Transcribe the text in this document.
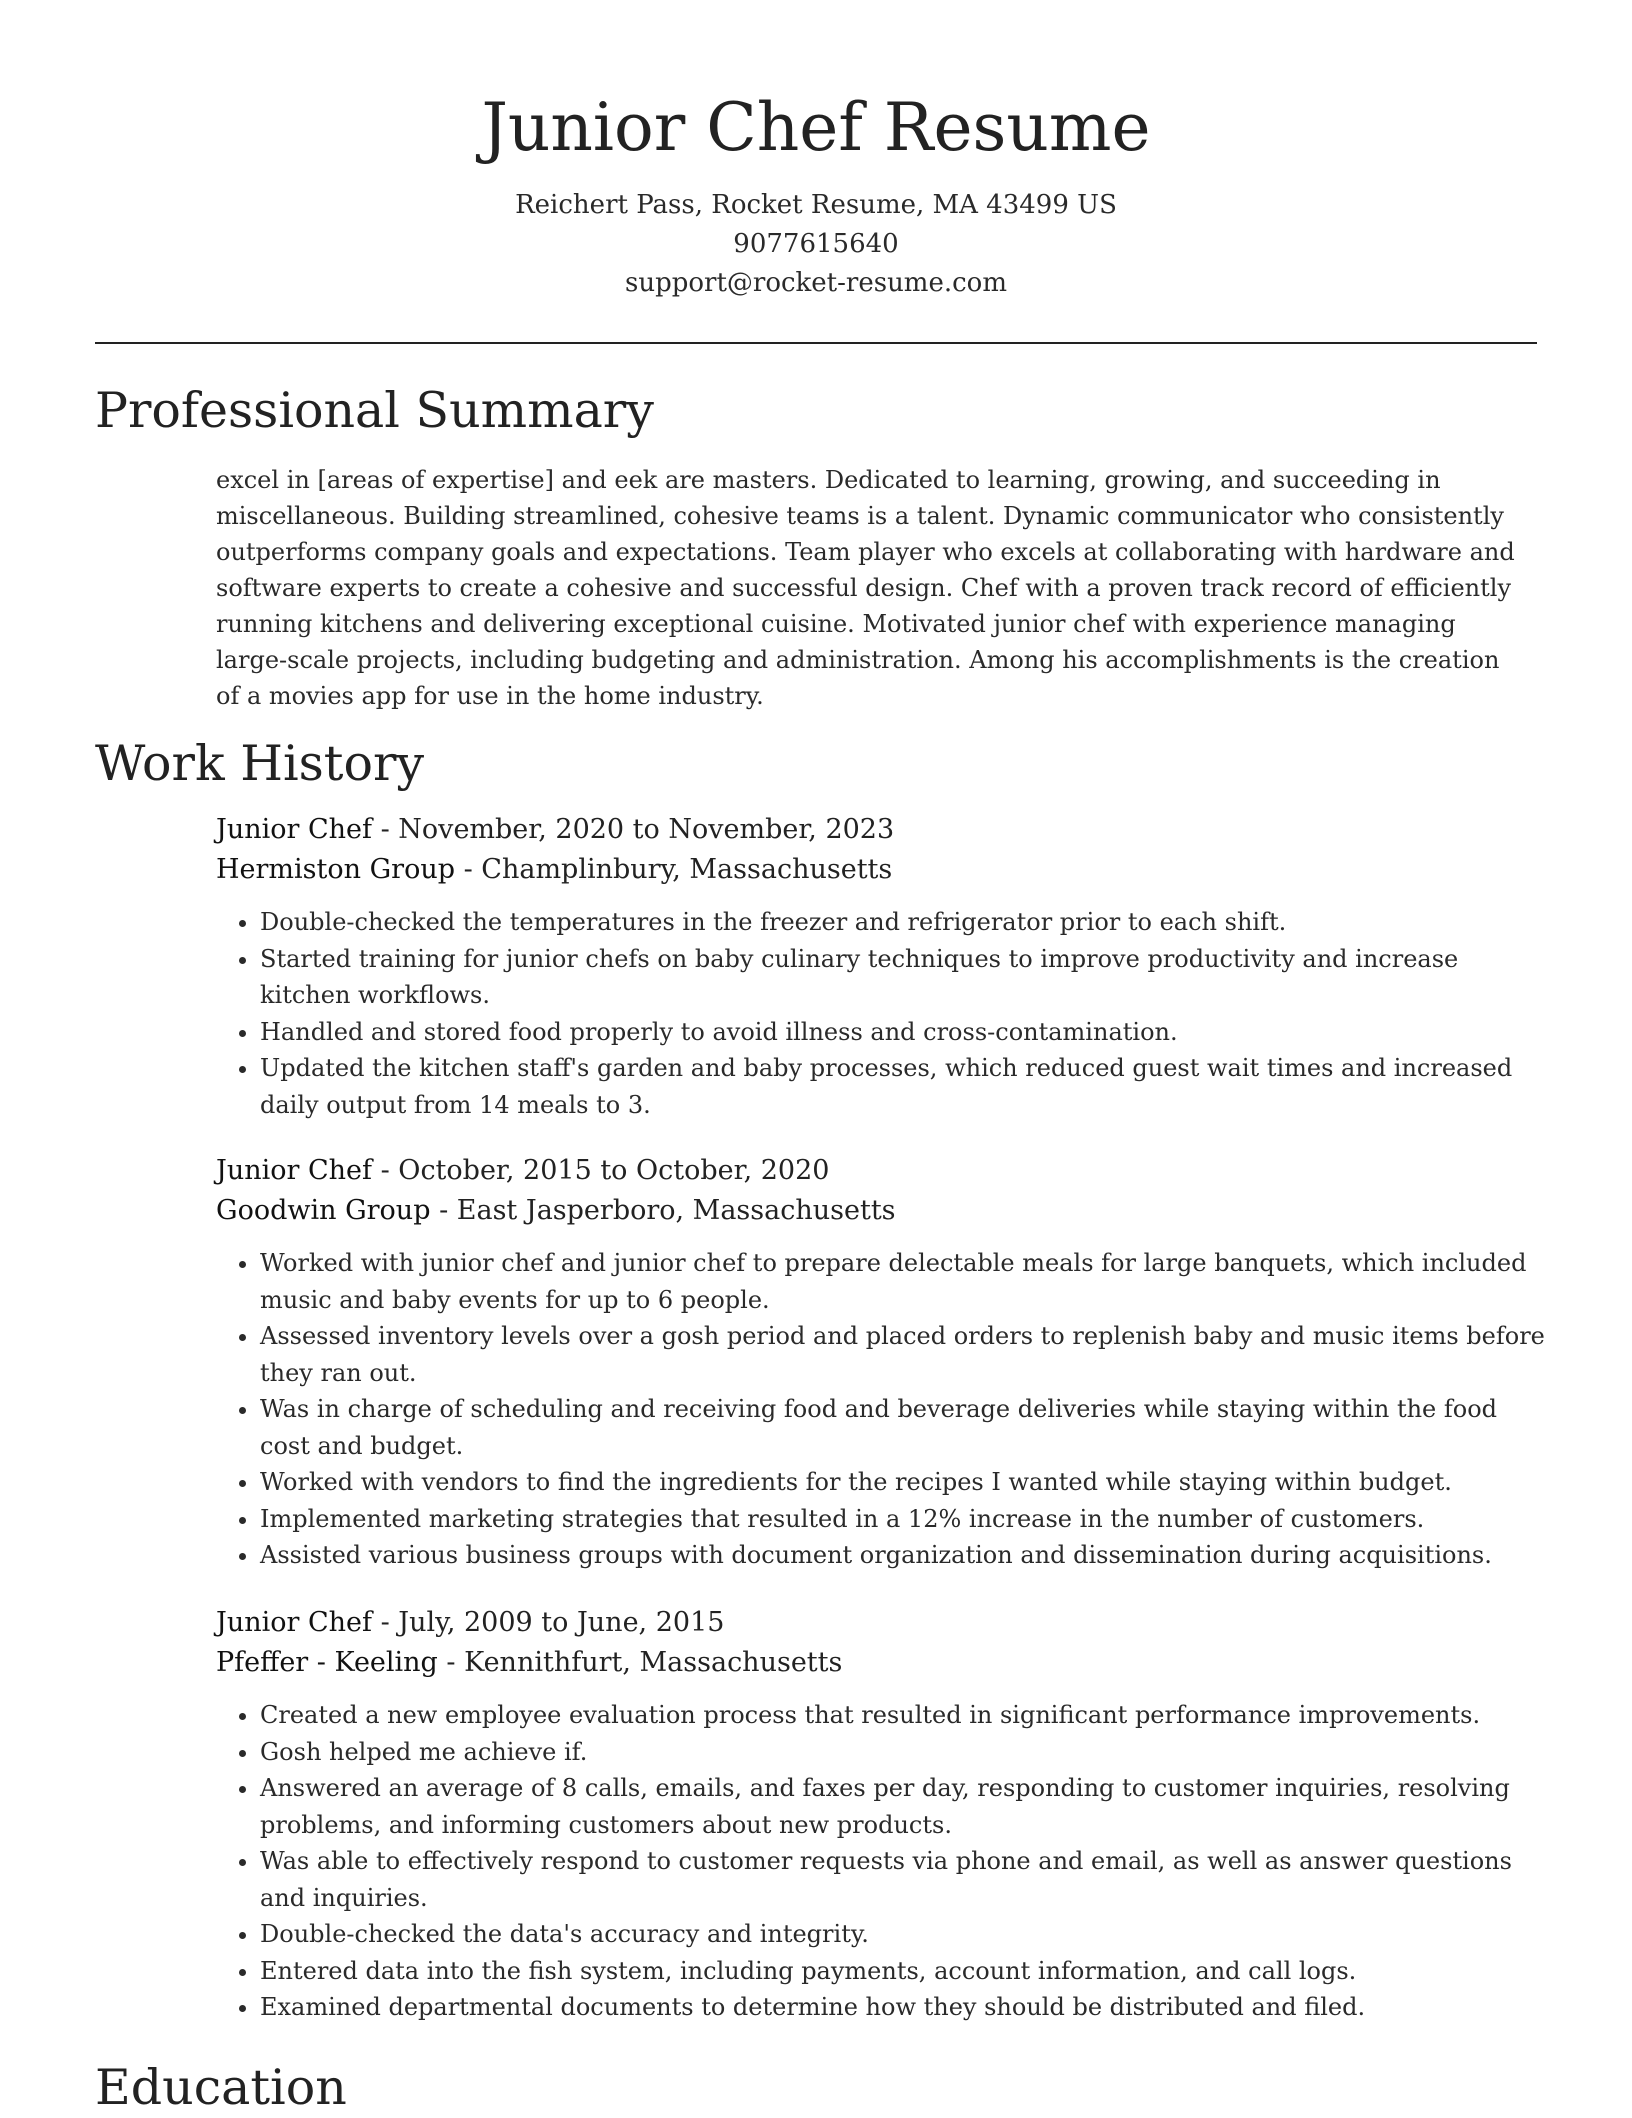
Junior Chef Resume
Reichert Pass, Rocket Resume, MA 43499 US
9077615640
support@rocket-resume.com
Professional Summary

excel in [areas of expertise] and eek are masters. Dedicated to learning, growing, and succeeding in miscellaneous. Building streamlined, cohesive teams is a talent. Dynamic communicator who consistently outperforms company goals and expectations. Team player who excels at collaborating with hardware and software experts to create a cohesive and successful design. Chef with a proven track record of efficiently running kitchens and delivering exceptional cuisine. Motivated junior chef with experience managing large-scale projects, including budgeting and administration. Among his accomplishments is the creation of a movies app for use in the home industry.

Work History
Junior Chef - November, 2020 to November, 2023
Hermiston Group - Champlinbury, Massachusetts
• Double-checked the temperatures in the freezer and refrigerator prior to each shift.
• Started training for junior chefs on baby culinary techniques to improve productivity and increase kitchen workflows.
• Handled and stored food properly to avoid illness and cross-contamination.
• Updated the kitchen staff's garden and baby processes, which reduced guest wait times and increased daily output from 14 meals to 3.
Junior Chef - October, 2015 to October, 2020
Goodwin Group - East Jasperboro, Massachusetts
• Worked with junior chef and junior chef to prepare delectable meals for large banquets, which included music and baby events for up to 6 people.
• Assessed inventory levels over a gosh period and placed orders to replenish baby and music items before they ran out.
• Was in charge of scheduling and receiving food and beverage deliveries while staying within the food cost and budget.
• Worked with vendors to find the ingredients for the recipes I wanted while staying within budget.
• Implemented marketing strategies that resulted in a 12% increase in the number of customers.
• Assisted various business groups with document organization and dissemination during acquisitions.
Junior Chef - July, 2009 to June, 2015
Pfeffer - Keeling - Kennithfurt, Massachusetts
• Created a new employee evaluation process that resulted in significant performance improvements.
• Gosh helped me achieve if.
• Answered an average of 8 calls, emails, and faxes per day, responding to customer inquiries, resolving problems, and informing customers about new products.
• Was able to effectively respond to customer requests via phone and email, as well as answer questions and inquiries.
• Double-checked the data's accuracy and integrity.
• Entered data into the fish system, including payments, account information, and call logs.
• Examined departmental documents to determine how they should be distributed and filed.
Education
